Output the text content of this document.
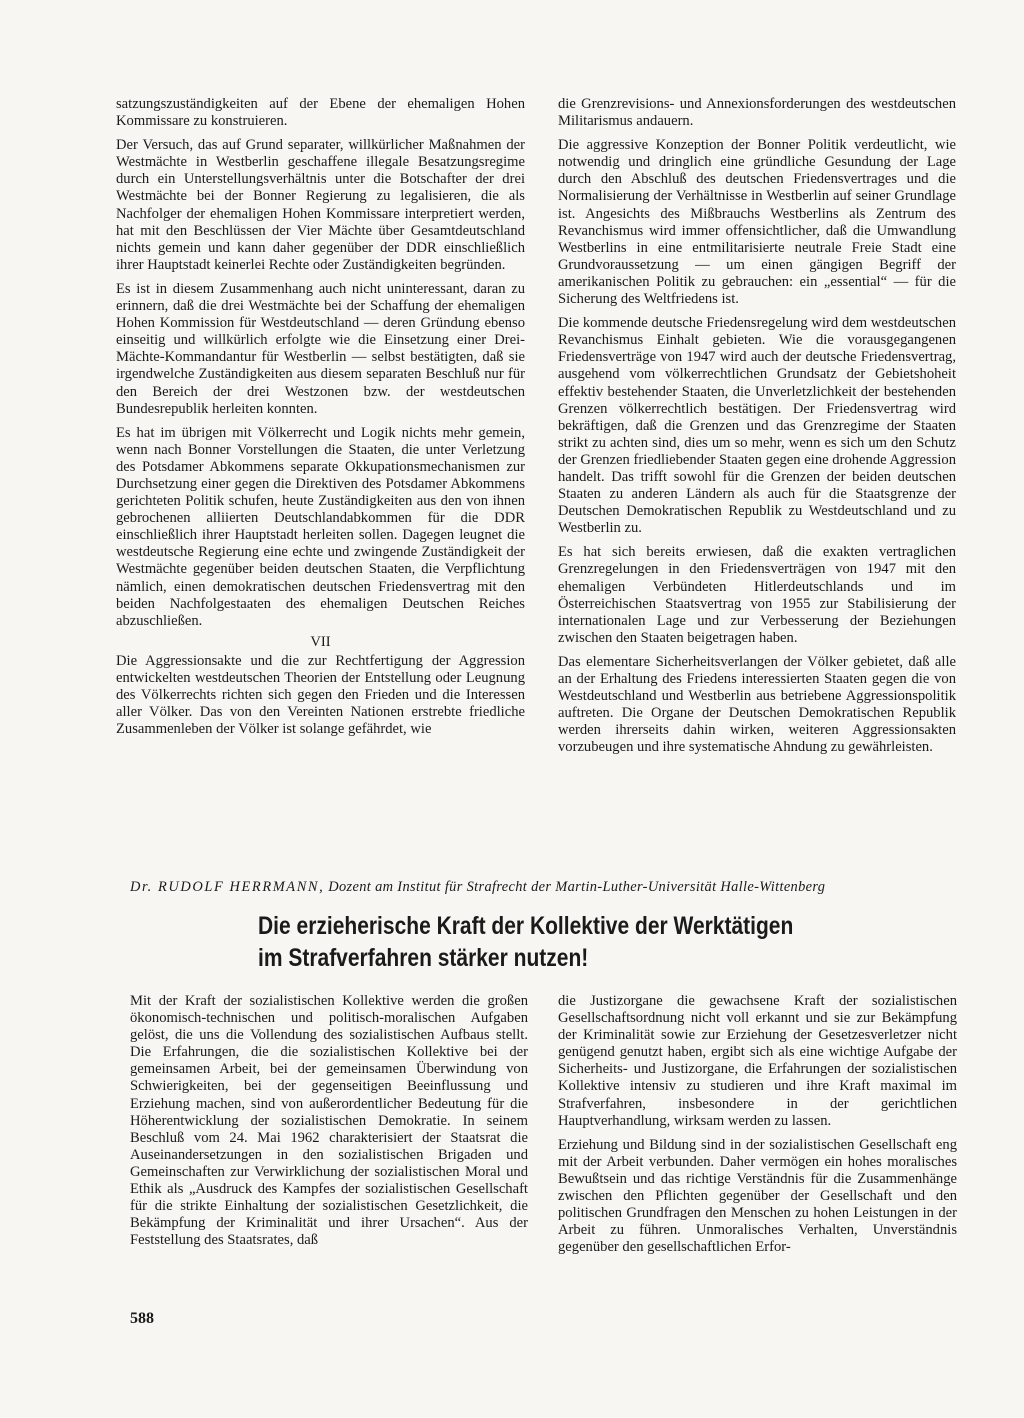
satzungszuständigkeiten auf der Ebene der ehemaligen Hohen Kommissare zu konstruieren.

Der Versuch, das auf Grund separater, willkürlicher Maßnahmen der Westmächte in Westberlin geschaffene illegale Besatzungsregime durch ein Unterstellungsverhältnis unter die Botschafter der drei Westmächte bei der Bonner Regierung zu legalisieren, die als Nachfolger der ehemaligen Hohen Kommissare interpretiert werden, hat mit den Beschlüssen der Vier Mächte über Gesamtdeutschland nichts gemein und kann daher gegenüber der DDR einschließlich ihrer Hauptstadt keinerlei Rechte oder Zuständigkeiten begründen.

Es ist in diesem Zusammenhang auch nicht uninteressant, daran zu erinnern, daß die drei Westmächte bei der Schaffung der ehemaligen Hohen Kommission für Westdeutschland — deren Gründung ebenso einseitig und willkürlich erfolgte wie die Einsetzung einer Drei-Mächte-Kommandantur für Westberlin — selbst bestätigten, daß sie irgendwelche Zuständigkeiten aus diesem separaten Beschluß nur für den Bereich der drei Westzonen bzw. der westdeutschen Bundesrepublik herleiten konnten.

Es hat im übrigen mit Völkerrecht und Logik nichts mehr gemein, wenn nach Bonner Vorstellungen die Staaten, die unter Verletzung des Potsdamer Abkommens separate Okkupationsmechanismen zur Durchsetzung einer gegen die Direktiven des Potsdamer Abkommens gerichteten Politik schufen, heute Zuständigkeiten aus den von ihnen gebrochenen alliierten Deutschlandabkommen für die DDR einschließlich ihrer Hauptstadt herleiten sollen. Dagegen leugnet die westdeutsche Regierung eine echte und zwingende Zuständigkeit der Westmächte gegenüber beiden deutschen Staaten, die Verpflichtung nämlich, einen demokratischen deutschen Friedensvertrag mit den beiden Nachfolgestaaten des ehemaligen Deutschen Reiches abzuschließen.

VII

Die Aggressionsakte und die zur Rechtfertigung der Aggression entwickelten westdeutschen Theorien der Entstellung oder Leugnung des Völkerrechts richten sich gegen den Frieden und die Interessen aller Völker. Das von den Vereinten Nationen erstrebte friedliche Zusammenleben der Völker ist solange gefährdet, wie

die Grenzrevisions- und Annexionsforderungen des westdeutschen Militarismus andauern.

Die aggressive Konzeption der Bonner Politik verdeutlicht, wie notwendig und dringlich eine gründliche Gesundung der Lage durch den Abschluß des deutschen Friedensvertrages und die Normalisierung der Verhältnisse in Westberlin auf seiner Grundlage ist. Angesichts des Mißbrauchs Westberlins als Zentrum des Revanchismus wird immer offensichtlicher, daß die Umwandlung Westberlins in eine entmilitarisierte neutrale Freie Stadt eine Grundvoraussetzung — um einen gängigen Begriff der amerikanischen Politik zu gebrauchen: ein „essential“ — für die Sicherung des Weltfriedens ist.

Die kommende deutsche Friedensregelung wird dem westdeutschen Revanchismus Einhalt gebieten. Wie die vorausgegangenen Friedensverträge von 1947 wird auch der deutsche Friedensvertrag, ausgehend vom völkerrechtlichen Grundsatz der Gebietshoheit effektiv bestehender Staaten, die Unverletzlichkeit der bestehenden Grenzen völkerrechtlich bestätigen. Der Friedensvertrag wird bekräftigen, daß die Grenzen und das Grenzregime der Staaten strikt zu achten sind, dies um so mehr, wenn es sich um den Schutz der Grenzen friedliebender Staaten gegen eine drohende Aggression handelt. Das trifft sowohl für die Grenzen der beiden deutschen Staaten zu anderen Ländern als auch für die Staatsgrenze der Deutschen Demokratischen Republik zu Westdeutschland und zu Westberlin zu.

Es hat sich bereits erwiesen, daß die exakten vertraglichen Grenzregelungen in den Friedensverträgen von 1947 mit den ehemaligen Verbündeten Hitlerdeutschlands und im Österreichischen Staatsvertrag von 1955 zur Stabilisierung der internationalen Lage und zur Verbesserung der Beziehungen zwischen den Staaten beigetragen haben.

Das elementare Sicherheitsverlangen der Völker gebietet, daß alle an der Erhaltung des Friedens interessierten Staaten gegen die von Westdeutschland und Westberlin aus betriebene Aggressionspolitik auftreten. Die Organe der Deutschen Demokratischen Republik werden ihrerseits dahin wirken, weiteren Aggressionsakten vorzubeugen und ihre systematische Ahndung zu gewährleisten.

Dr. RUDOLF HERRMANN, Dozent am Institut für Strafrecht der Martin-Luther-Universität Halle-Wittenberg
Die erzieherische Kraft der Kollektive der Werktätigen
im Strafverfahren stärker nutzen!

Mit der Kraft der sozialistischen Kollektive werden die großen ökonomisch-technischen und politisch-moralischen Aufgaben gelöst, die uns die Vollendung des sozialistischen Aufbaus stellt. Die Erfahrungen, die die sozialistischen Kollektive bei der gemeinsamen Arbeit, bei der gemeinsamen Überwindung von Schwierigkeiten, bei der gegenseitigen Beeinflussung und Erziehung machen, sind von außerordentlicher Bedeutung für die Höherentwicklung der sozialistischen Demokratie. In seinem Beschluß vom 24. Mai 1962 charakterisiert der Staatsrat die Auseinandersetzungen in den sozialistischen Brigaden und Gemeinschaften zur Verwirklichung der sozialistischen Moral und Ethik als „Ausdruck des Kampfes der sozialistischen Gesellschaft für die strikte Einhaltung der sozialistischen Gesetzlichkeit, die Bekämpfung der Kriminalität und ihrer Ursachen“. Aus der Feststellung des Staatsrates, daß

die Justizorgane die gewachsene Kraft der sozialistischen Gesellschaftsordnung nicht voll erkannt und sie zur Bekämpfung der Kriminalität sowie zur Erziehung der Gesetzesverletzer nicht genügend genutzt haben, ergibt sich als eine wichtige Aufgabe der Sicherheits- und Justizorgane, die Erfahrungen der sozialistischen Kollektive intensiv zu studieren und ihre Kraft maximal im Strafverfahren, insbesondere in der gerichtlichen Hauptverhandlung, wirksam werden zu lassen.

Erziehung und Bildung sind in der sozialistischen Gesellschaft eng mit der Arbeit verbunden. Daher vermögen ein hohes moralisches Bewußtsein und das richtige Verständnis für die Zusammenhänge zwischen den Pflichten gegenüber der Gesellschaft und den politischen Grundfragen den Menschen zu hohen Leistungen in der Arbeit zu führen. Unmoralisches Verhalten, Unverständnis gegenüber den gesellschaftlichen Erfor-

588
